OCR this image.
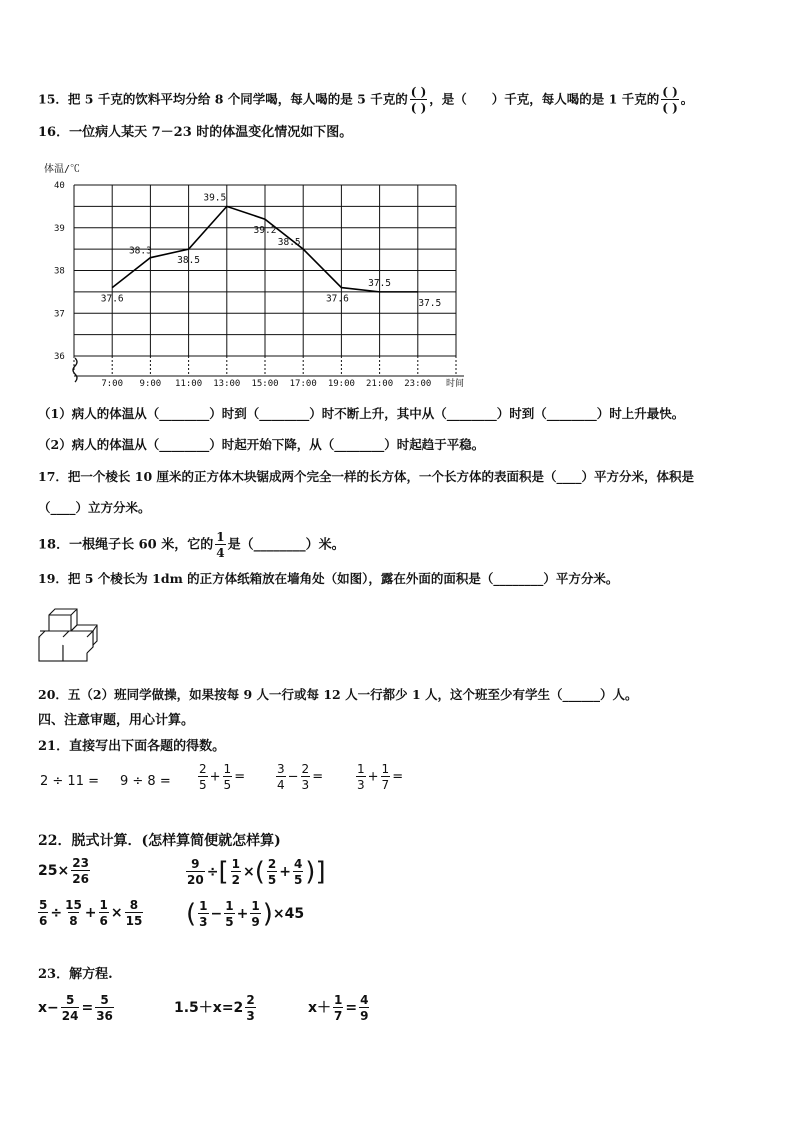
15．把 5 千克的饮料平均分给 8 个同学喝，每人喝的是 5 千克的 $\frac{( )}{( )}$ ，是（　　）千克，每人喝的是 1 千克的 $\frac{( )}{( )}$ 。
16．一位病人某天 7－23 时的体温变化情况如下图。
体温/℃
40
39
38
37
36
7:00 9:00 11:00 13:00 15:00 17:00 19:00 21:00 23:00
37.6
38.3
38.5
39.5
39.2
38.5
37.6
37.5
37.5
时间
（1）病人的体温从（________）时到（________）时不断上升，其中从（________）时到（________）时上升最快。
（2）病人的体温从（________）时起开始下降，从（________）时起趋于平稳。
17．把一个棱长 10 厘米的正方体木块锯成两个完全一样的长方体，一个长方体的表面积是（____）平方分米，体积是
（____）立方分米。
18．一根绳子长 60 米，它的 $\frac{1}{4}$ 是（________）米。
19．把 5 个棱长为 1dm 的正方体纸箱放在墙角处（如图），露在外面的面积是（________）平方分米。
20．五（2）班同学做操，如果按每 9 人一行或每 12 人一行都少 1 人，这个班至少有学生（______）人。
四、注意审题，用心计算。
21．直接写出下面各题的得数。
$2 \div 11 = 9 \div 8 = \frac{2}{5} + \frac{1}{5}$ =	$\frac{3}{4} - \frac{2}{3}$ =	$\frac{1}{3} + \frac{1}{7}$ =
22．脱式计算．(怎样算简便就怎样算)
$25\times \frac{23}{26}$	$\frac{9}{20}$ ÷[ $\frac{1}{2}$ ×( $\frac{2}{5} + \frac{4}{5}$ )]
$\frac{5}{6} \div \frac{15}{8} + \frac{1}{6} \times \frac{8}{15}$ ( $\frac{1}{3} - \frac{1}{5} + \frac{1}{9} )\times 45$
23．解方程.
$x- \frac{5}{24} = \frac{5}{36}$	$1.5+x=2 \frac{2}{3}$	$x+ \frac{1}{7} = \frac{4}{9}$
